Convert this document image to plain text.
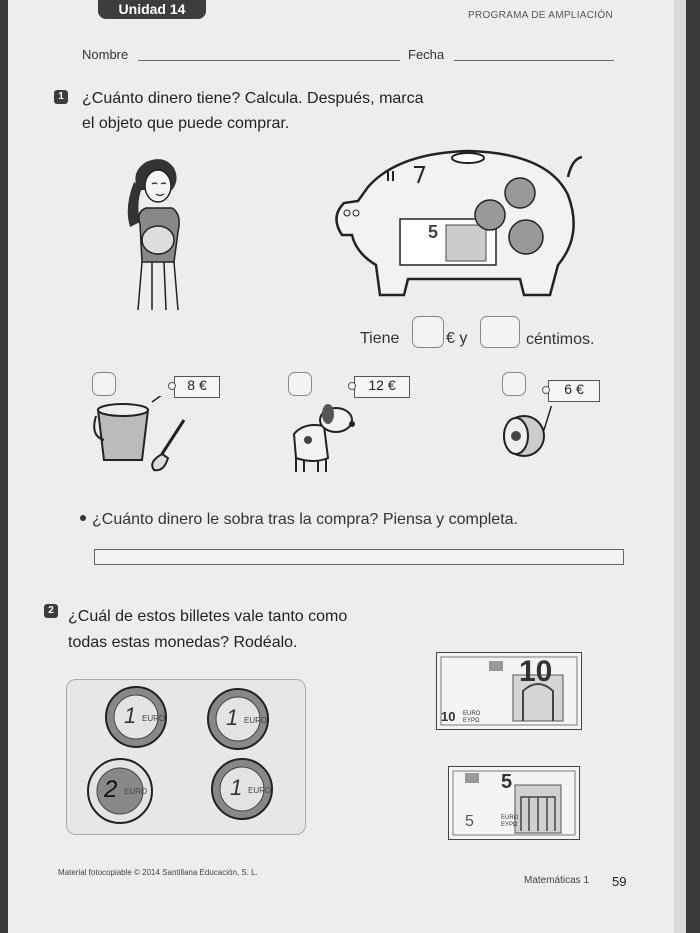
Unidad 14	PROGRAMA DE AMPLIACIÓN
Nombre	Fecha
1 ¿Cuánto dinero tiene? Calcula. Después, marca
el objeto que puede comprar.
5
Tiene	€ y	céntimos.
8 €	12 €	6 €
¿Cuánto dinero le sobra tras la compra? Piensa y completa.
2 ¿Cuál de estos billetes vale tanto como
todas estas monedas? Rodéalo.
1 EURO	1 EURO
2 EURO	1 EURO
10
10 EURO ΕΥΡΩ
5
5	EURO ΕΥΡΩ
Material fotocopiable © 2014 Santillana Educación, S. L.
Matemáticas 1 59
